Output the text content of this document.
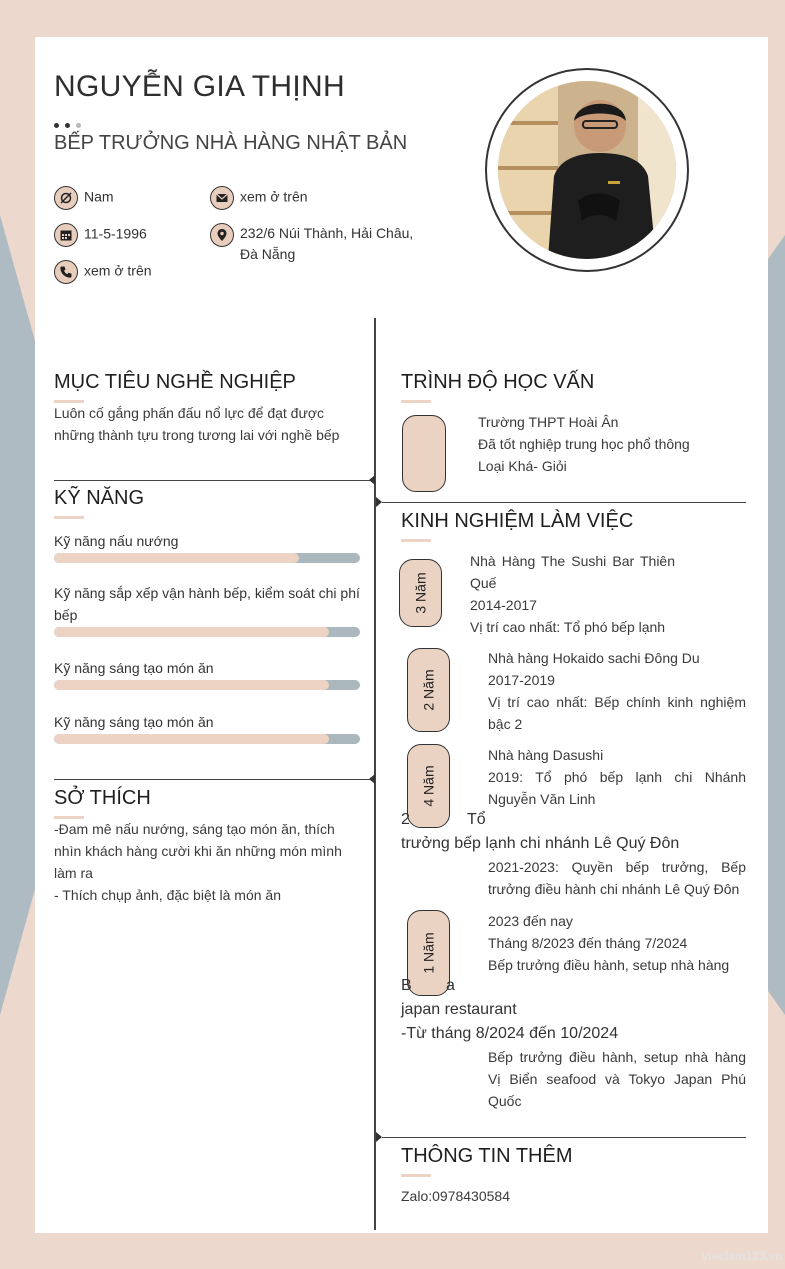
NGUYỄN GIA THỊNH
BẾP TRƯỞNG NHÀ HÀNG NHẬT BẢN
Nam	xem ở trên
11-5-1996	232/6 Núi Thành, Hải Châu,
Đà Nẵng
xem ở trên
MỤC TIÊU NGHỀ NGHIỆP
Luôn cố gắng phấn đấu nổ lực để đạt được
những thành tựu trong tương lai với nghề bếp
KỸ NĂNG
Kỹ năng nấu nướng
Kỹ năng sắp xếp vận hành bếp, kiểm soát chi phí bếp
Kỹ năng sáng tạo món ăn
Kỹ năng sáng tạo món ăn
SỞ THÍCH
-Đam mê nấu nướng, sáng tạo món ăn, thích
nhìn khách hàng cười khi ăn những món mình
làm ra
- Thích chụp ảnh, đặc biệt là món ăn
TRÌNH ĐỘ HỌC VẤN
Trường THPT Hoài Ân
Đã tốt nghiệp trung học phổ thông
Loại Khá- Giỏi
KINH NGHIỆM LÀM VIỆC
3 Năm
Nhà Hàng The Sushi Bar Thiên
Quế
2014-2017
Vị trí cao nhất: Tổ phó bếp lạnh
2 Năm
Nhà hàng Hokaido sachi Đông Du
2017-2019
Vị trí cao nhất: Bếp chính kinh nghiệm
bậc 2
4 Năm
Nhà hàng Dasushi
2019: Tổ phó bếp lạnh chi Nhánh
Nguyễn Văn Linh
2	Tổ
trưởng bếp lạnh chi nhánh Lê Quý Đôn
2021-2023: Quyền bếp trưởng, Bếp
trưởng điều hành chi nhánh Lê Quý Đôn
1 Năm
2023 đến nay
Tháng 8/2023 đến tháng 7/2024
Bếp trưởng điều hành, setup nhà hàng
B a
japan restaurant
-Từ tháng 8/2024 đến 10/2024
Bếp trưởng điều hành, setup nhà hàng
Vị Biển seafood và Tokyo Japan Phú
Quốc
THÔNG TIN THÊM
Zalo:0978430584
vieclam123.vn
